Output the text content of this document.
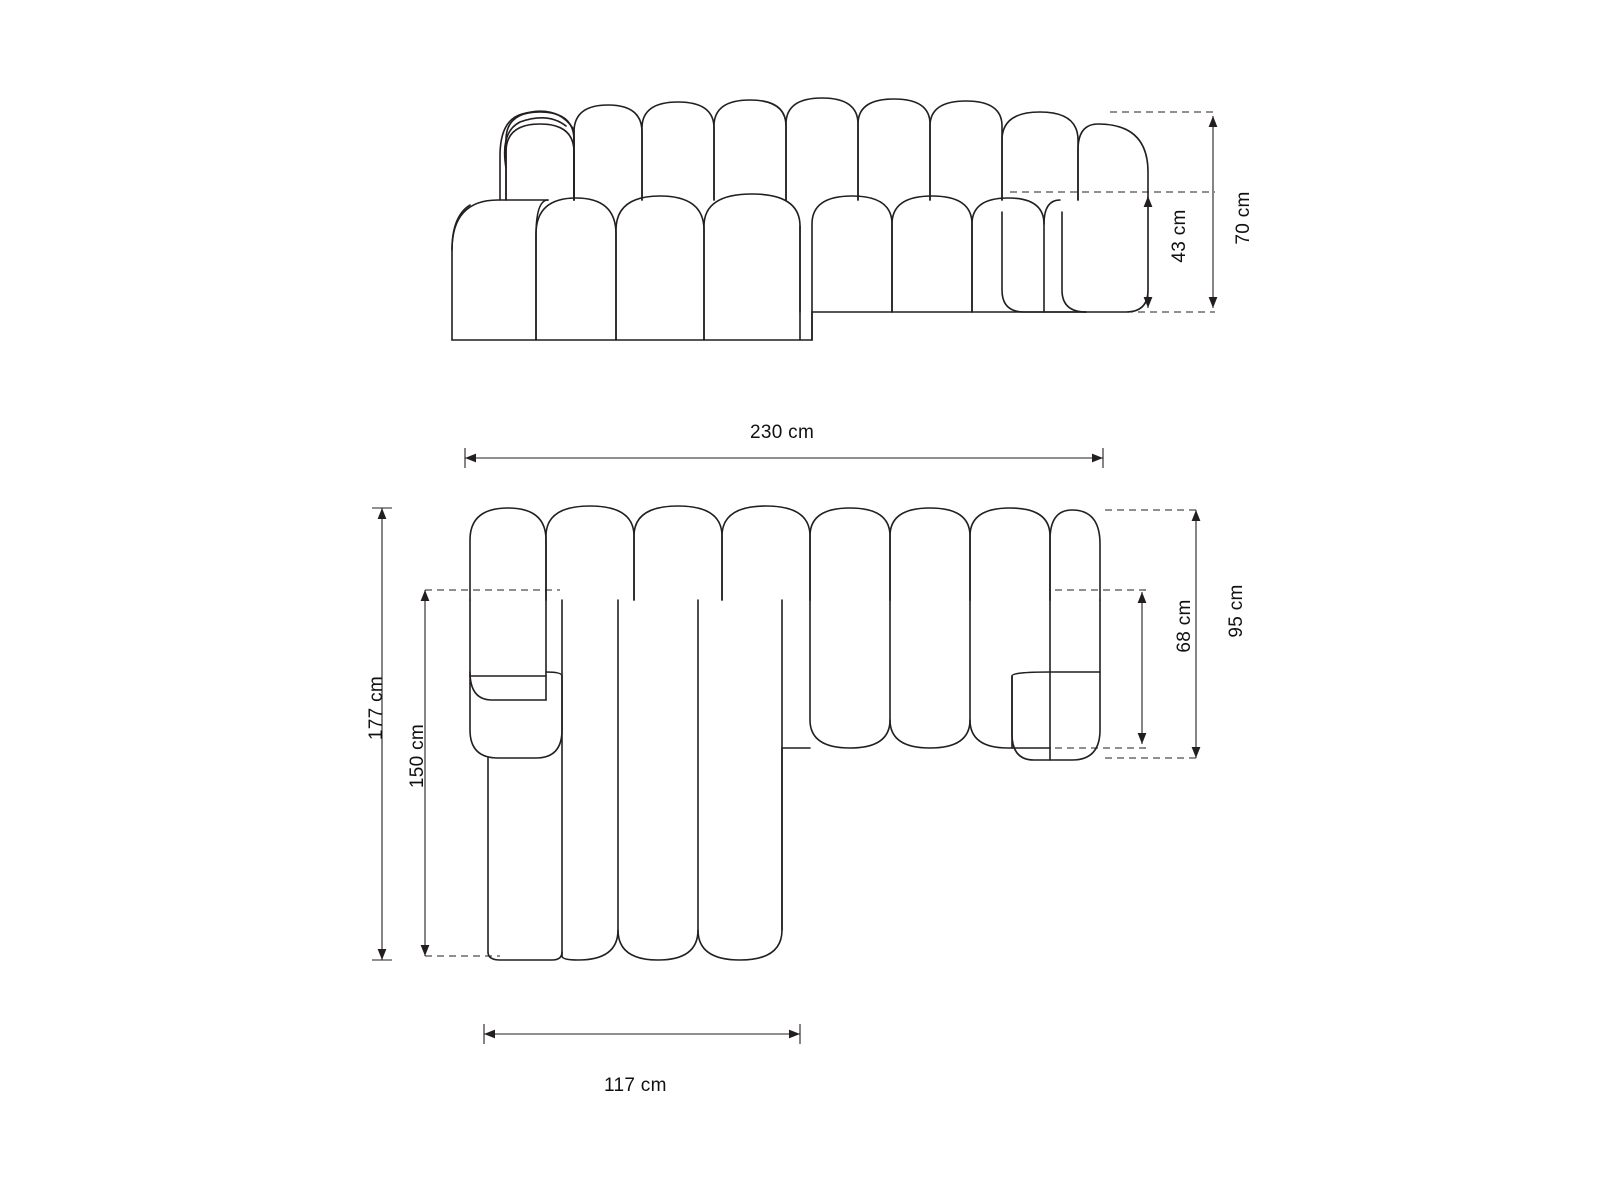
70 cm
43 cm
230 cm
177 cm
150 cm
68 cm 95 cm
117 cm
